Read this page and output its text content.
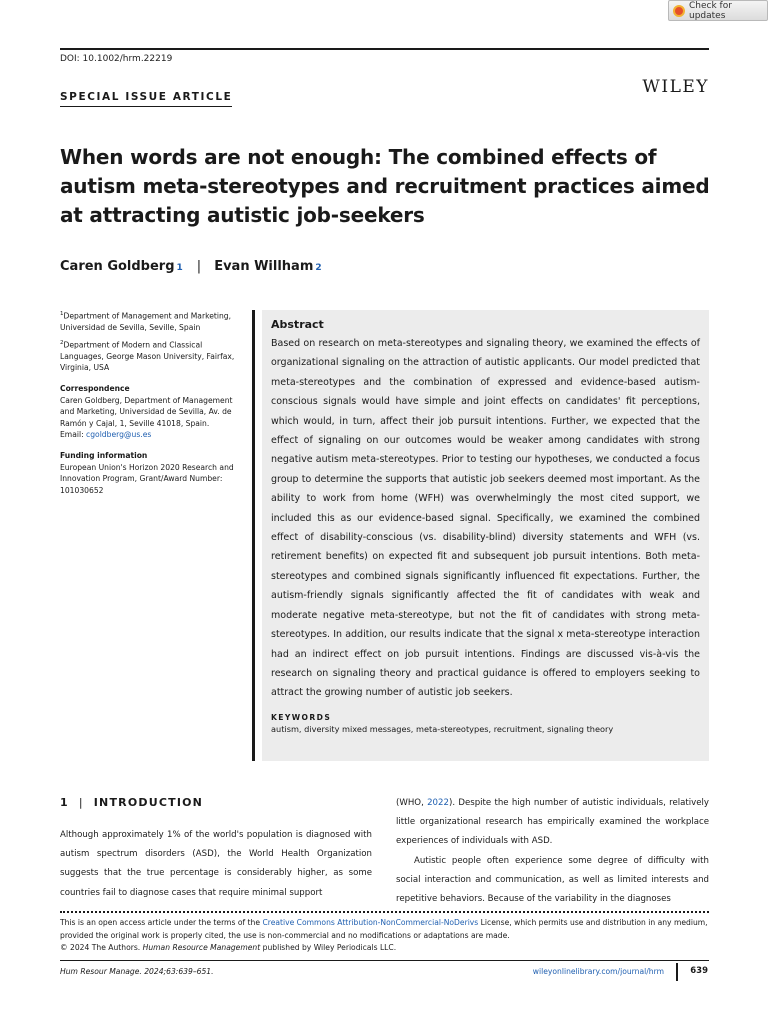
Check for updates
DOI: 10.1002/hrm.22219
WILEY
SPECIAL ISSUE ARTICLE
When words are not enough: The combined effects of autism meta-stereotypes and recruitment practices aimed at attracting autistic job-seekers
Caren Goldberg 1 | Evan Willham 2

$^1$Department of Management and Marketing, Universidad de Sevilla, Seville, Spain

$^2$Department of Modern and Classical Languages, George Mason University, Fairfax, Virginia, USA

Correspondence

Caren Goldberg, Department of Management and Marketing, Universidad de Sevilla, Av. de Ramón y Cajal, 1, Seville 41018, Spain.
Email: cgoldberg@us.es

Funding information

European Union's Horizon 2020 Research and Innovation Program, Grant/Award Number: 101030652

Abstract

Based on research on meta-stereotypes and signaling theory, we examined the effects of organizational signaling on the attraction of autistic applicants. Our model predicted that meta-stereotypes and the combination of expressed and evidence-based autism-conscious signals would have simple and joint effects on candidates' fit perceptions, which would, in turn, affect their job pursuit intentions. Further, we expected that the effect of signaling on our outcomes would be weaker among candidates with strong negative autism meta-stereotypes. Prior to testing our hypotheses, we conducted a focus group to determine the supports that autistic job seekers deemed most important. As the ability to work from home (WFH) was overwhelmingly the most cited support, we included this as our evidence-based signal. Specifically, we examined the combined effect of disability-conscious (vs. disability-blind) diversity statements and WFH (vs. retirement benefits) on expected fit and subsequent job pursuit intentions. Both meta-stereotypes and combined signals significantly influenced fit expectations. Further, the autism-friendly signals significantly affected the fit of candidates with weak and moderate negative meta-stereotype, but not the fit of candidates with strong meta-stereotypes. In addition, our results indicate that the signal x meta-stereotype interaction had an indirect effect on job pursuit intentions. Findings are discussed vis-à-vis the research on signaling theory and practical guidance is offered to employers seeking to attract the growing number of autistic job seekers.

KEYWORDS
autism, diversity mixed messages, meta-stereotypes, recruitment, signaling theory
1 | INTRODUCTION

Although approximately 1% of the world's population is diagnosed with autism spectrum disorders (ASD), the World Health Organization suggests that the true percentage is considerably higher, as some countries fail to diagnose cases that require minimal support

(WHO, 2022). Despite the high number of autistic individuals, relatively little organizational research has empirically examined the workplace experiences of individuals with ASD.

Autistic people often experience some degree of difficulty with social interaction and communication, as well as limited interests and repetitive behaviors. Because of the variability in the diagnoses

This is an open access article under the terms of the Creative Commons Attribution-NonCommercial-NoDerivs License, which permits use and distribution in any medium, provided the original work is properly cited, the use is non-commercial and no modifications or adaptations are made.
© 2024 The Authors. Human Resource Management published by Wiley Periodicals LLC.
Hum Resour Manage. 2024;63:639–651.	wileyonlinelibrary.com/journal/hrm	639
